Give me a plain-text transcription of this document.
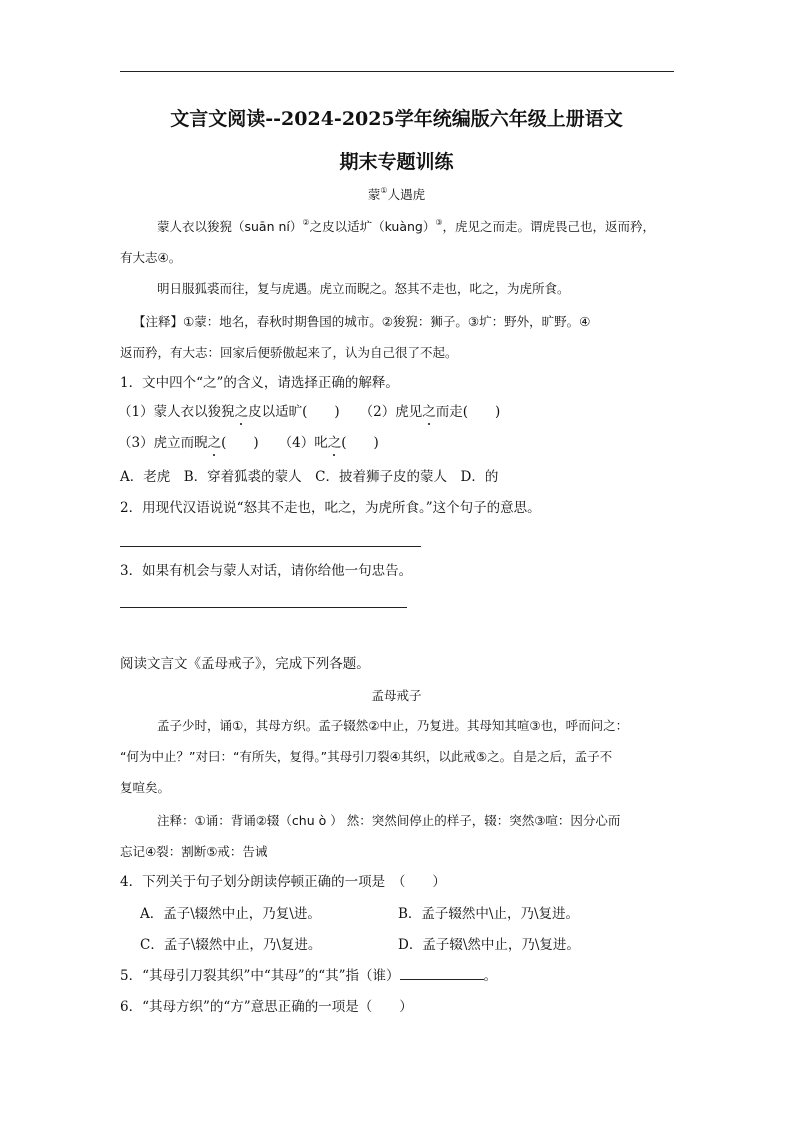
文言文阅读--2024-2025学年统编版六年级上册语文
期末专题训练
蒙①人遇虎
蒙人衣以狻猊（suān ní）②之皮以适圹（kuàng）③，虎见之而走。谓虎畏己也，返而矜，
有大志④。
明日服狐裘而往，复与虎遇。虎立而睨之。怒其不走也，叱之，为虎所食。
【注释】①蒙：地名，春秋时期鲁国的城市。②狻猊：狮子。③圹：野外，旷野。④
返而矜，有大志：回家后便骄傲起来了，认为自己很了不起。
1．文中四个“之”的含义，请选择正确的解释。
（1）蒙人衣以狻猊之皮以适旷(　　) （2）虎见之而走(　　)
（3）虎立而睨之(　　) （4）叱之(　　)
A．老虎　B．穿着狐裘的蒙人　C．披着狮子皮的蒙人　D．的
2．用现代汉语说说“怒其不走也，叱之，为虎所食。”这个句子的意思。
3．如果有机会与蒙人对话，请你给他一句忠告。
阅读文言文《孟母戒子》，完成下列各题。
孟母戒子
孟子少时，诵①，其母方织。孟子辍然②中止，乃复进。其母知其喧③也，呼而问之：
“何为中止？”对曰：“有所失，复得。”其母引刀裂④其织，以此戒⑤之。自是之后，孟子不
复喧矣。
注释：①诵：背诵②辍（chu ò ） 然：突然间停止的样子，辍：突然③喧：因分心而
忘记④裂：割断⑤戒：告诫
4．下列关于句子划分朗读停顿正确的一项是　（　　）
A．孟子\辍然中止，乃复\进。	B．孟子辍然中\止，乃\复进。
C．孟子\辍然中止，乃\复进。	D．孟子辍\然中止，乃\复进。
5．“其母引刀裂其织”中“其母”的“其”指（谁）	。
6．“其母方织”的“方”意思正确的一项是（　　）
